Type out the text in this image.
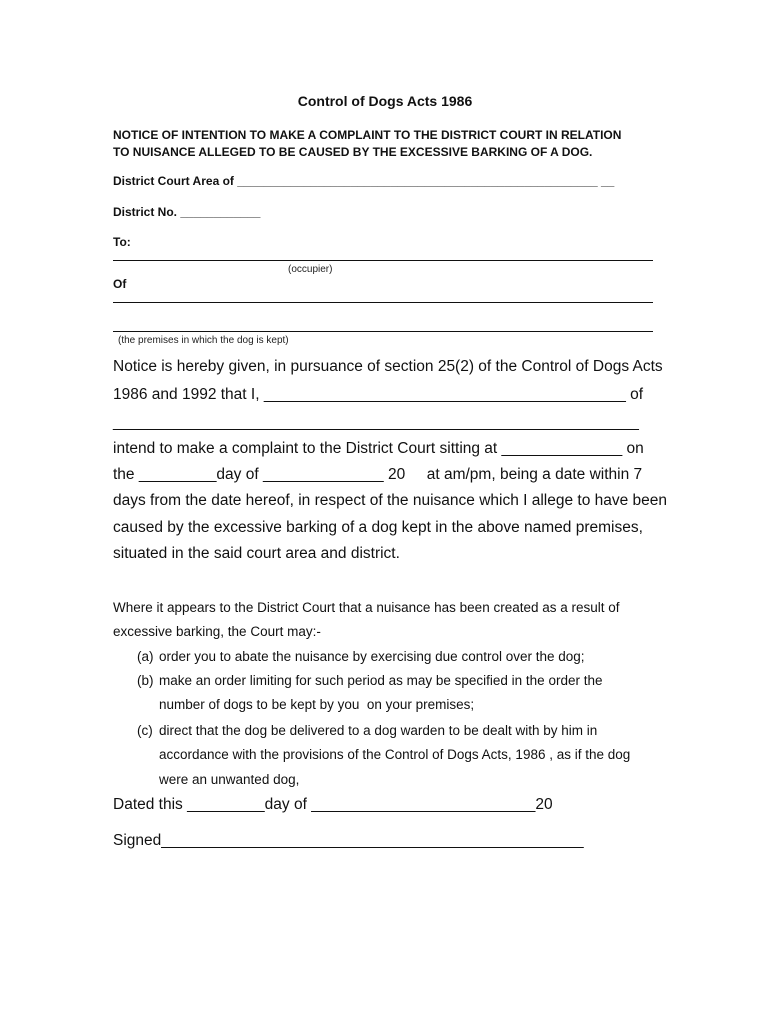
Control of Dogs Acts 1986
NOTICE OF INTENTION TO MAKE A COMPLAINT TO THE DISTRICT COURT IN RELATION
TO NUISANCE ALLEGED TO BE CAUSED BY THE EXCESSIVE BARKING OF A DOG.
District Court Area of ______________________________________________________ __
District No. ____________
To:
(occupier)
Of
(the premises in which the dog is kept)
Notice is hereby given, in pursuance of section 25(2) of the Control of Dogs Acts
1986 and 1992 that I, __________________________________________ of
_____________________________________________________________
intend to make a complaint to the District Court sitting at ______________ on
the _________day of ______________ 20     at am/pm, being a date within 7
days from the date hereof, in respect of the nuisance which I allege to have been
caused by the excessive barking of a dog kept in the above named premises,
situated in the said court area and district.
Where it appears to the District Court that a nuisance has been created as a result of
excessive barking, the Court may:-
(a) order you to abate the nuisance by exercising due control over the dog;
(b) make an order limiting for such period as may be specified in the order the
number of dogs to be kept by you  on your premises;
(c) direct that the dog be delivered to a dog warden to be dealt with by him in
accordance with the provisions of the Control of Dogs Acts, 1986 , as if the dog
were an unwanted dog,
Dated this _________day of __________________________20
Signed_________________________________________________
